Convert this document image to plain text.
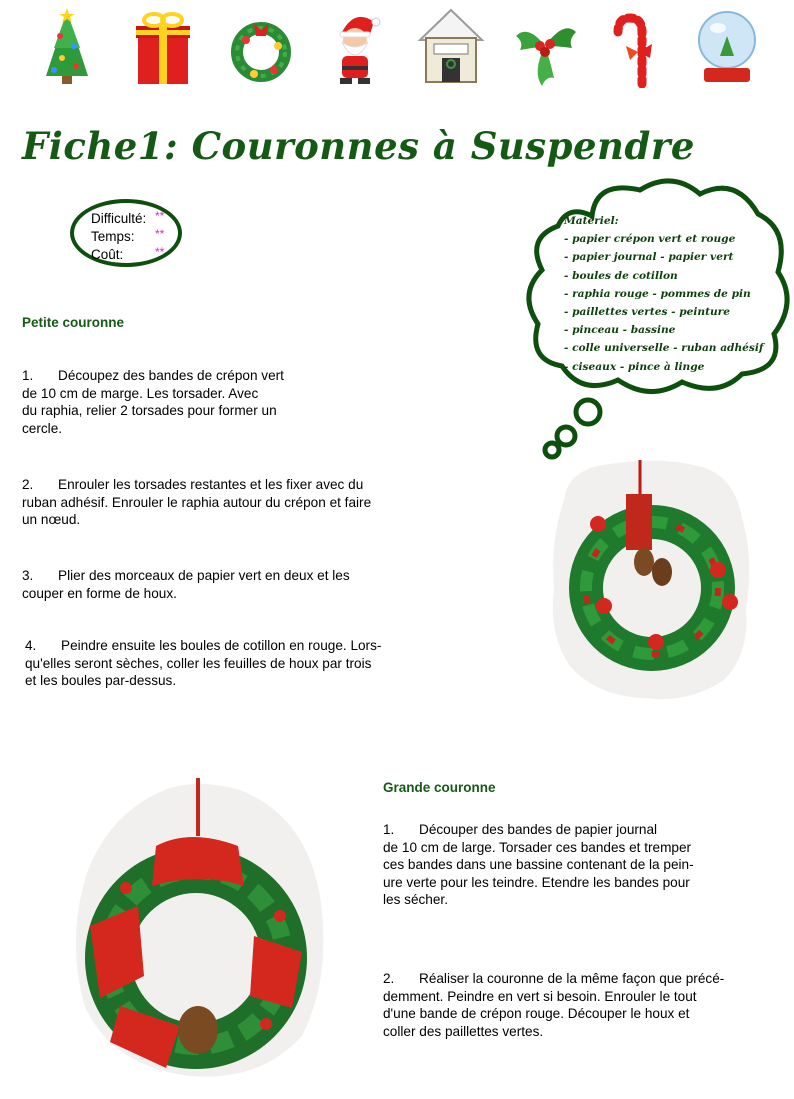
Fiche1: Couronnes à Suspendre
Difficulté: **
Temps: **
Coût:	**
Matériel:
- papier crépon vert et rouge
- papier journal - papier vert
- boules de cotillon
- raphia rouge - pommes de pin
- paillettes vertes - peinture
- pinceau - bassine
- colle universelle - ruban adhésif
- ciseaux - pince à linge
Petite couronne
1. Découpez des bandes de crépon vert
de 10 cm de marge. Les torsader. Avec
du raphia, relier 2 torsades pour former un
cercle.
2. Enrouler les torsades restantes et les fixer avec du
ruban adhésif. Enrouler le raphia autour du crépon et faire
un nœud.
3. Plier des morceaux de papier vert en deux et les
couper en forme de houx.
4. Peindre ensuite les boules de cotillon en rouge. Lors-
qu'elles seront sèches, coller les feuilles de houx par trois
et les boules par-dessus.
Grande couronne
1. Découper des bandes de papier journal
de 10 cm de large. Torsader ces bandes et tremper
ces bandes dans une bassine contenant de la pein-
ure verte pour les teindre. Etendre les bandes pour
les sécher.
2. Réaliser la couronne de la même façon que précé-
demment. Peindre en vert si besoin. Enrouler le tout
d'une bande de crépon rouge. Découper le houx et
coller des paillettes vertes.
